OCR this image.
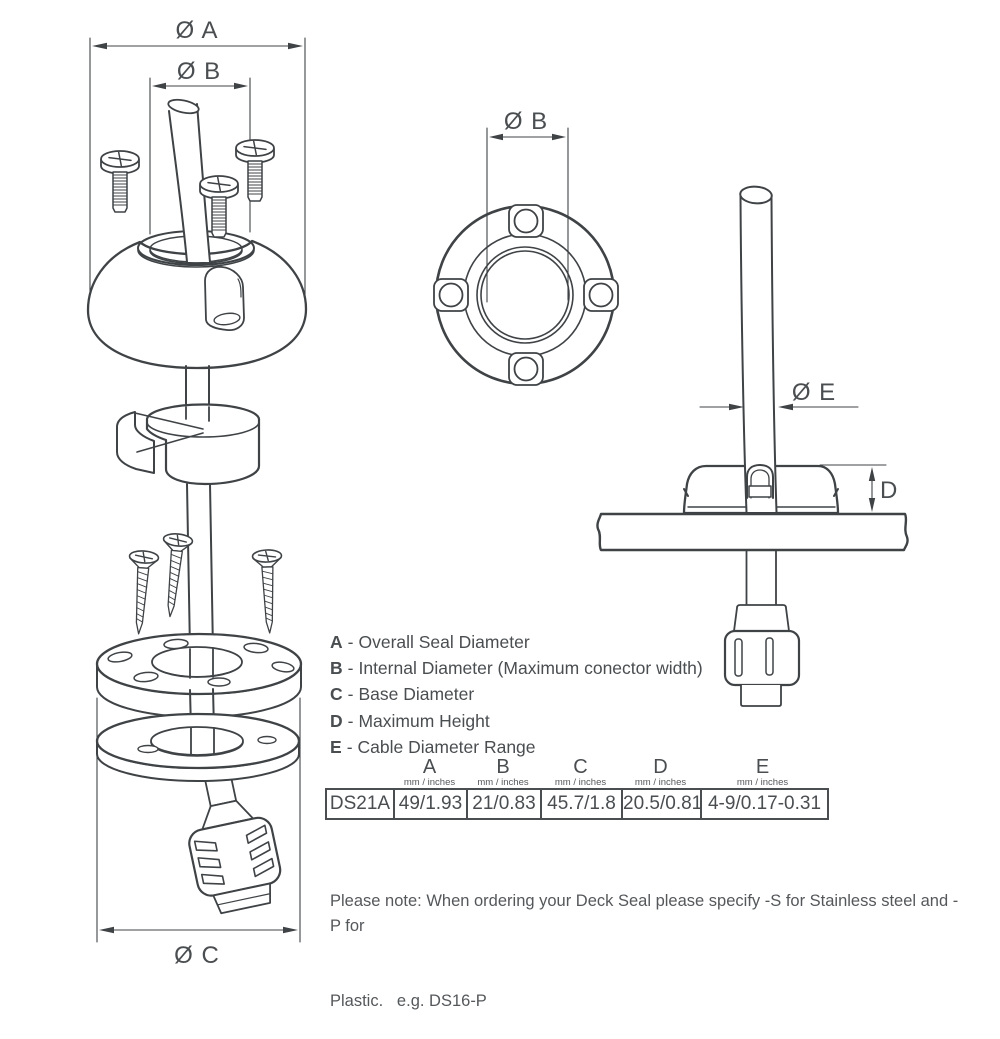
Ø A
Ø B
Ø C
Ø B
Ø E
D
A - Overall Seal Diameter
B - Internal Diameter (Maximum conector width)
C - Base Diameter
D - Maximum Height
E - Cable Diameter Range
A
mm / inches
B
mm / inches
C
mm / inches
D
mm / inches
E
mm / inches
DS21A 49/1.93 21/0.83 45.7/1.8 20.5/0.81 4-9/0.17-0.31

Please note: When ordering your Deck Seal please specify -S for Stainless steel and -P for

Plastic.   e.g. DS16-P
